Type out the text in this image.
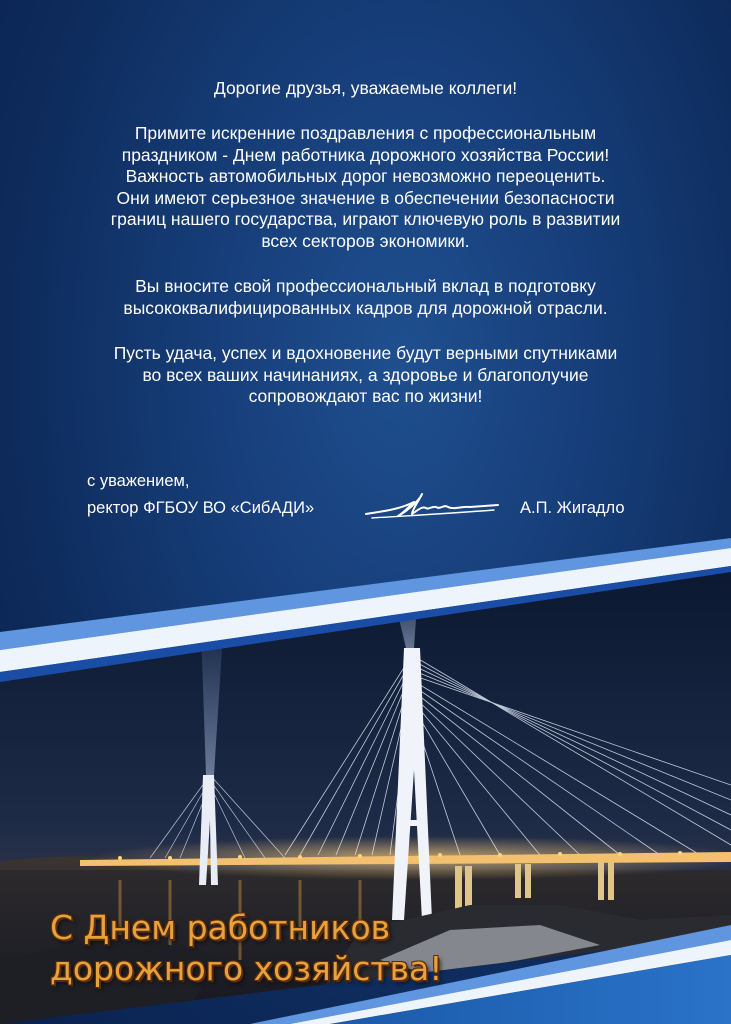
Дорогие друзья, уважаемые коллеги!
Примите искренние поздравления с профессиональным
праздником - Днем работника дорожного хозяйства России!
Важность автомобильных дорог невозможно переоценить.
Они имеют серьезное значение в обеспечении безопасности
границ нашего государства, играют ключевую роль в развитии
всех секторов экономики.
Вы вносите свой профессиональный вклад в подготовку
высококвалифицированных кадров для дорожной отрасли.
Пусть удача, успех и вдохновение будут верными спутниками
во всех ваших начинаниях, а здоровье и благополучие
сопровождают вас по жизни!
с уважением,
ректор ФГБОУ ВО «СибАДИ»	А.П. Жигадло
С Днем работников
дорожного хозяйства!
